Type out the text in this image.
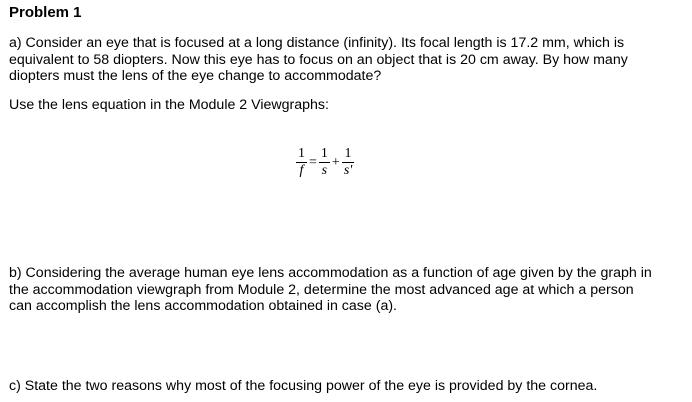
Problem 1
a) Consider an eye that is focused at a long distance (infinity). Its focal length is 17.2 mm, which is
equivalent to 58 diopters. Now this eye has to focus on an object that is 20 cm away. By how many
diopters must the lens of the eye change to accommodate?
Use the lens equation in the Module 2 Viewgraphs:
$\frac{1}{f} = \frac{1}{s} + \frac{1}{s'}$
b) Considering the average human eye lens accommodation as a function of age given by the graph in
the accommodation viewgraph from Module 2, determine the most advanced age at which a person
can accomplish the lens accommodation obtained in case (a).
c) State the two reasons why most of the focusing power of the eye is provided by the cornea.
